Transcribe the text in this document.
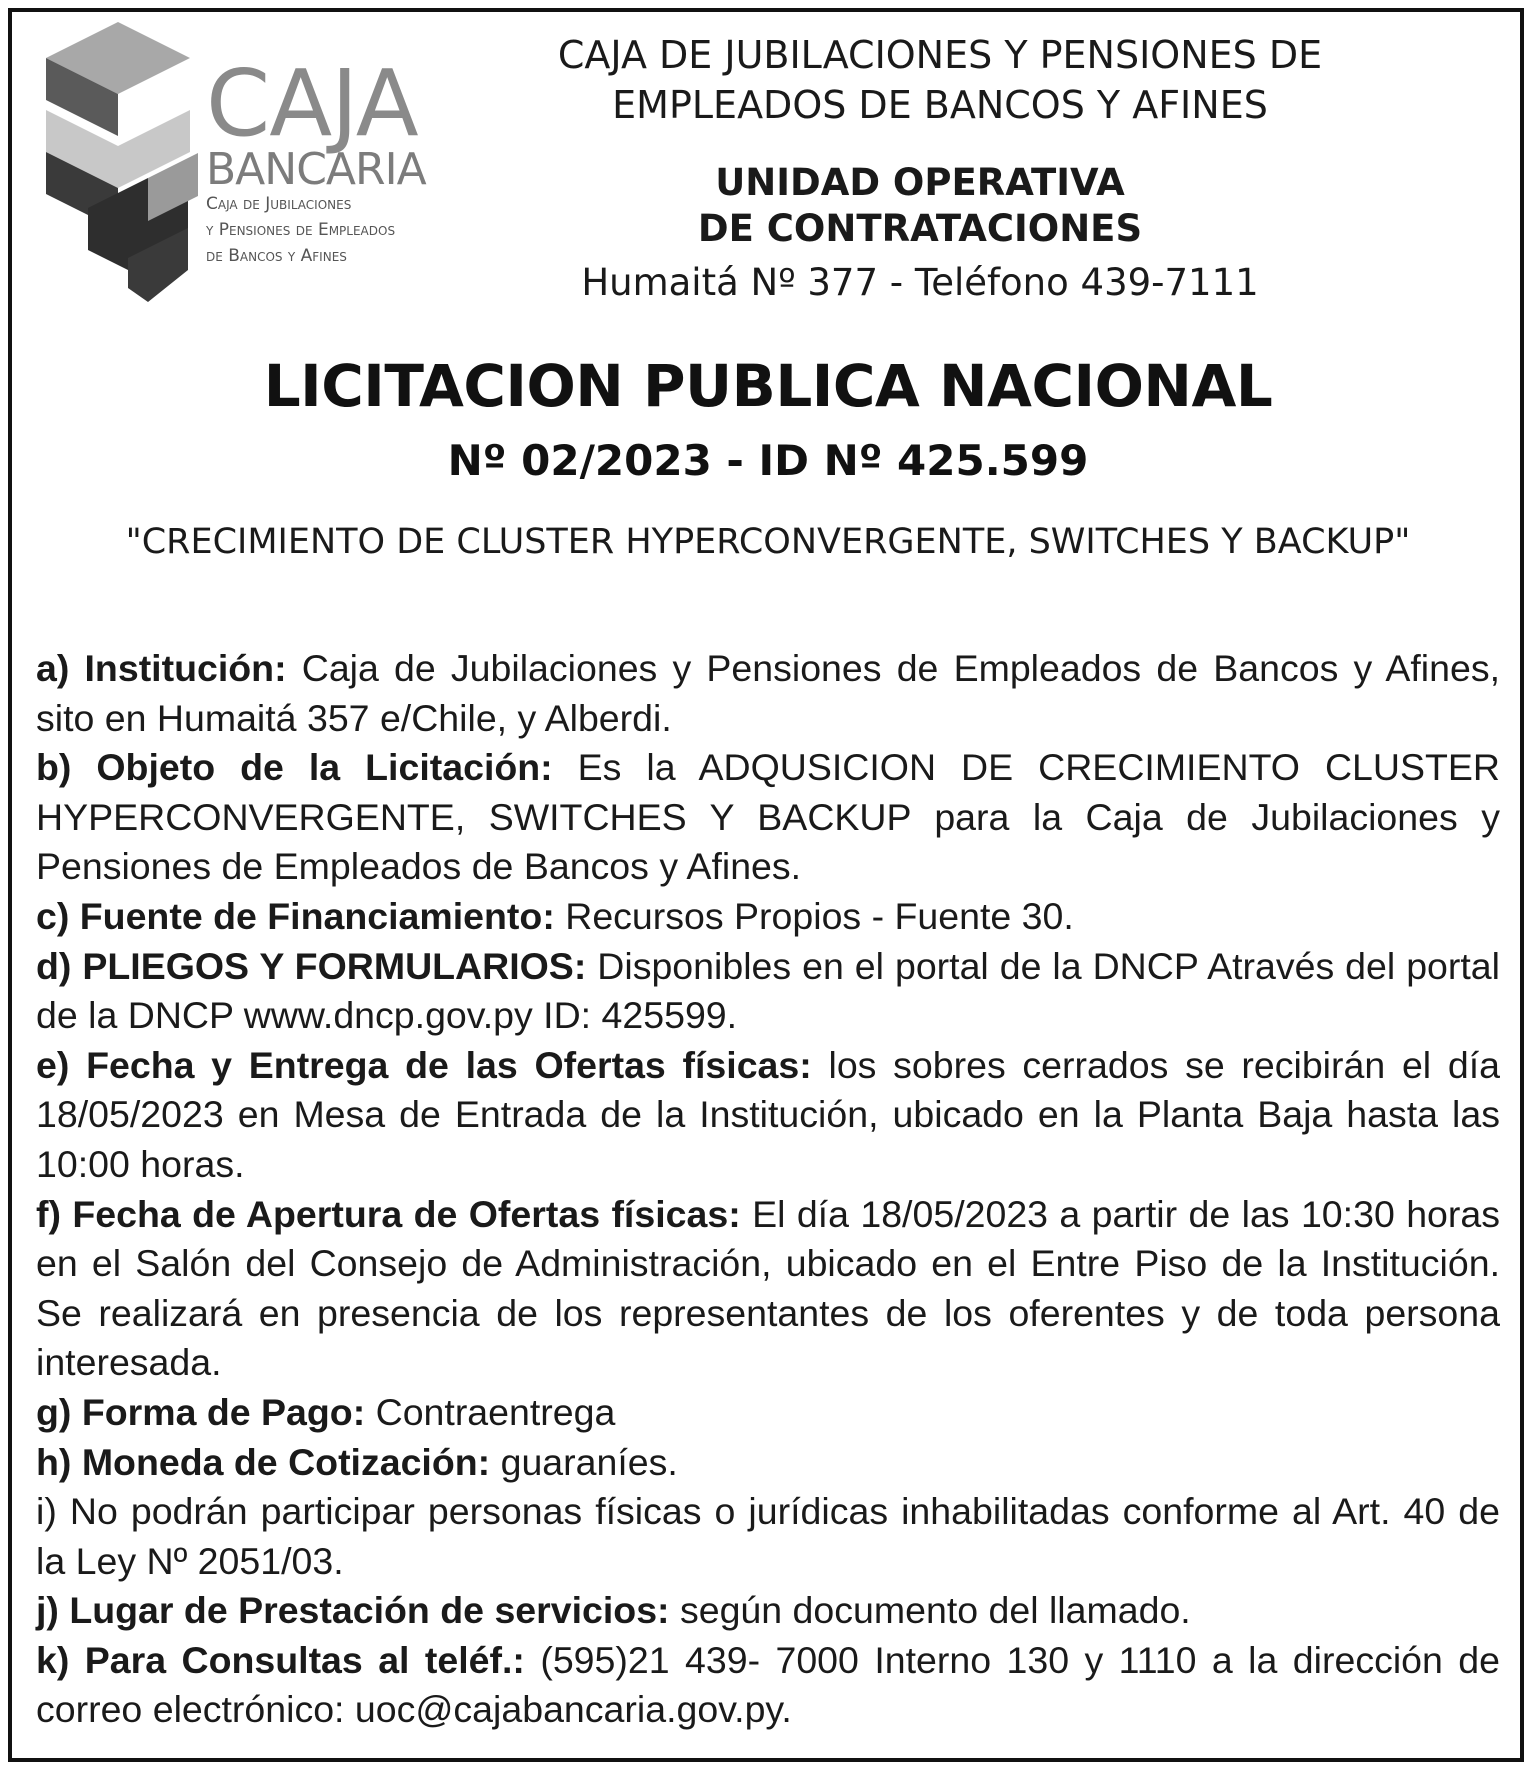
CAJA
BANCARIA
Caja de Jubilaciones
y Pensiones de Empleados
de Bancos y Afines
CAJA DE JUBILACIONES Y PENSIONES DE
EMPLEADOS DE BANCOS Y AFINES
UNIDAD OPERATIVA
DE CONTRATACIONES
Humaitá Nº 377 - Teléfono 439-7111
LICITACION PUBLICA NACIONAL
Nº 02/2023 - ID Nº 425.599
"CRECIMIENTO DE CLUSTER HYPERCONVERGENTE, SWITCHES Y BACKUP"

a) Institución: Caja de Jubilaciones y Pensiones de Empleados de Bancos y Afines, sito en Humaitá 357 e/Chile, y Alberdi.

b) Objeto de la Licitación: Es la ADQUSICION DE CRECIMIENTO CLUSTER HYPERCONVERGENTE, SWITCHES Y BACKUP para la Caja de Jubilaciones y Pensiones de Empleados de Bancos y Afines.

c) Fuente de Financiamiento: Recursos Propios - Fuente 30.

d) PLIEGOS Y FORMULARIOS: Disponibles en el portal de la DNCP Através del portal de la DNCP www.dncp.gov.py ID: 425599.

e) Fecha y Entrega de las Ofertas físicas: los sobres cerrados se recibirán el día 18/05/2023 en Mesa de Entrada de la Institución, ubicado en la Planta Baja hasta las 10:00 horas.

f) Fecha de Apertura de Ofertas físicas: El día 18/05/2023 a partir de las 10:30 horas en el Salón del Consejo de Administración, ubicado en el Entre Piso de la Institución. Se realizará en presencia de los representantes de los oferentes y de toda persona interesada.

g) Forma de Pago: Contraentrega

h) Moneda de Cotización: guaraníes.

i) No podrán participar personas físicas o jurídicas inhabilitadas conforme al Art. 40 de la Ley Nº 2051/03.

j) Lugar de Prestación de servicios: según documento del llamado.

k) Para Consultas al teléf.: (595)21 439- 7000 Interno 130 y 1110 a la dirección de correo electrónico: uoc@cajabancaria.gov.py.
